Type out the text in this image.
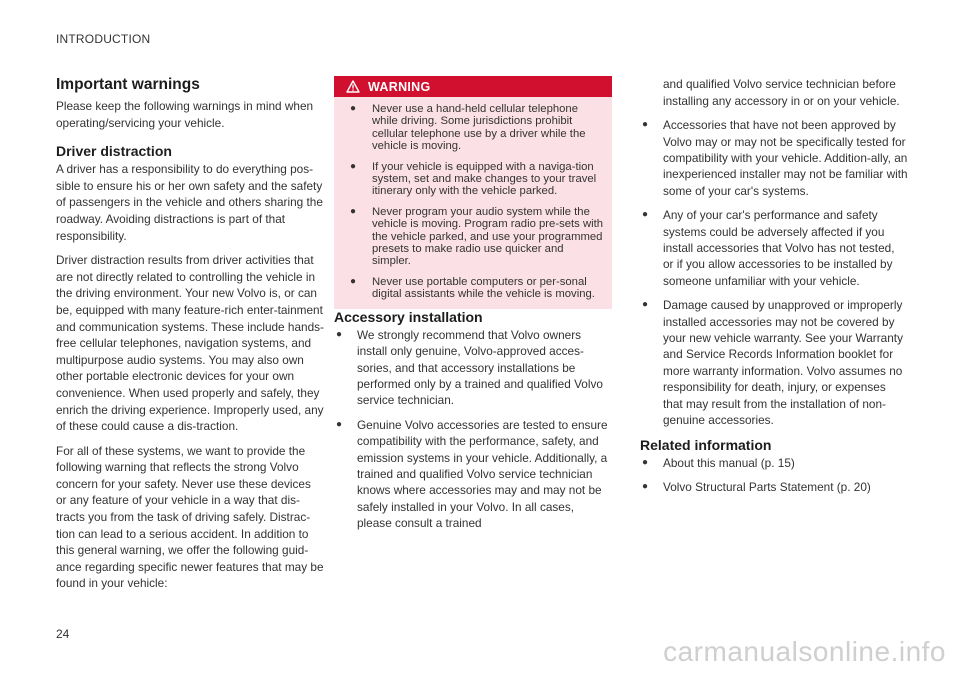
INTRODUCTION
Important warnings

Please keep the following warnings in mind when operating/servicing your vehicle.

Driver distraction

A driver has a responsibility to do everything pos-sible to ensure his or her own safety and the safety of passengers in the vehicle and others sharing the roadway. Avoiding distractions is part of that responsibility.

Driver distraction results from driver activities that are not directly related to controlling the vehicle in the driving environment. Your new Volvo is, or can be, equipped with many feature-rich enter-tainment and communication systems. These include hands-free cellular telephones, navigation systems, and multipurpose audio systems. You may also own other portable electronic devices for your own convenience. When used properly and safely, they enrich the driving experience. Improperly used, any of these could cause a dis-traction.

For all of these systems, we want to provide the following warning that reflects the strong Volvo concern for your safety. Never use these devices or any feature of your vehicle in a way that dis-tracts you from the task of driving safely. Distrac-tion can lead to a serious accident. In addition to this general warning, we offer the following guid-ance regarding specific newer features that may be found in your vehicle:

WARNING
● Never use a hand-held cellular telephone while driving. Some jurisdictions prohibit cellular telephone use by a driver while the vehicle is moving.
● If your vehicle is equipped with a naviga-tion system, set and make changes to your travel itinerary only with the vehicle parked.
● Never program your audio system while the vehicle is moving. Program radio pre-sets with the vehicle parked, and use your programmed presets to make radio use quicker and simpler.
● Never use portable computers or per-sonal digital assistants while the vehicle is moving.
Accessory installation
● We strongly recommend that Volvo owners install only genuine, Volvo-approved acces-sories, and that accessory installations be performed only by a trained and qualified Volvo service technician.
● Genuine Volvo accessories are tested to ensure compatibility with the performance, safety, and emission systems in your vehicle. Additionally, a trained and qualified Volvo service technician knows where accessories may and may not be safely installed in your Volvo. In all cases, please consult a trained

and qualified Volvo service technician before installing any accessory in or on your vehicle.

● Accessories that have not been approved by Volvo may or may not be specifically tested for compatibility with your vehicle. Addition-ally, an inexperienced installer may not be familiar with some of your car's systems.
● Any of your car's performance and safety systems could be adversely affected if you install accessories that Volvo has not tested, or if you allow accessories to be installed by someone unfamiliar with your vehicle.
● Damage caused by unapproved or improperly installed accessories may not be covered by your new vehicle warranty. See your Warranty and Service Records Information booklet for more warranty information. Volvo assumes no responsibility for death, injury, or expenses that may result from the installation of non-genuine accessories.
Related information
● About this manual (p. 15)
● Volvo Structural Parts Statement (p. 20)
24
carmanualsonline.info
